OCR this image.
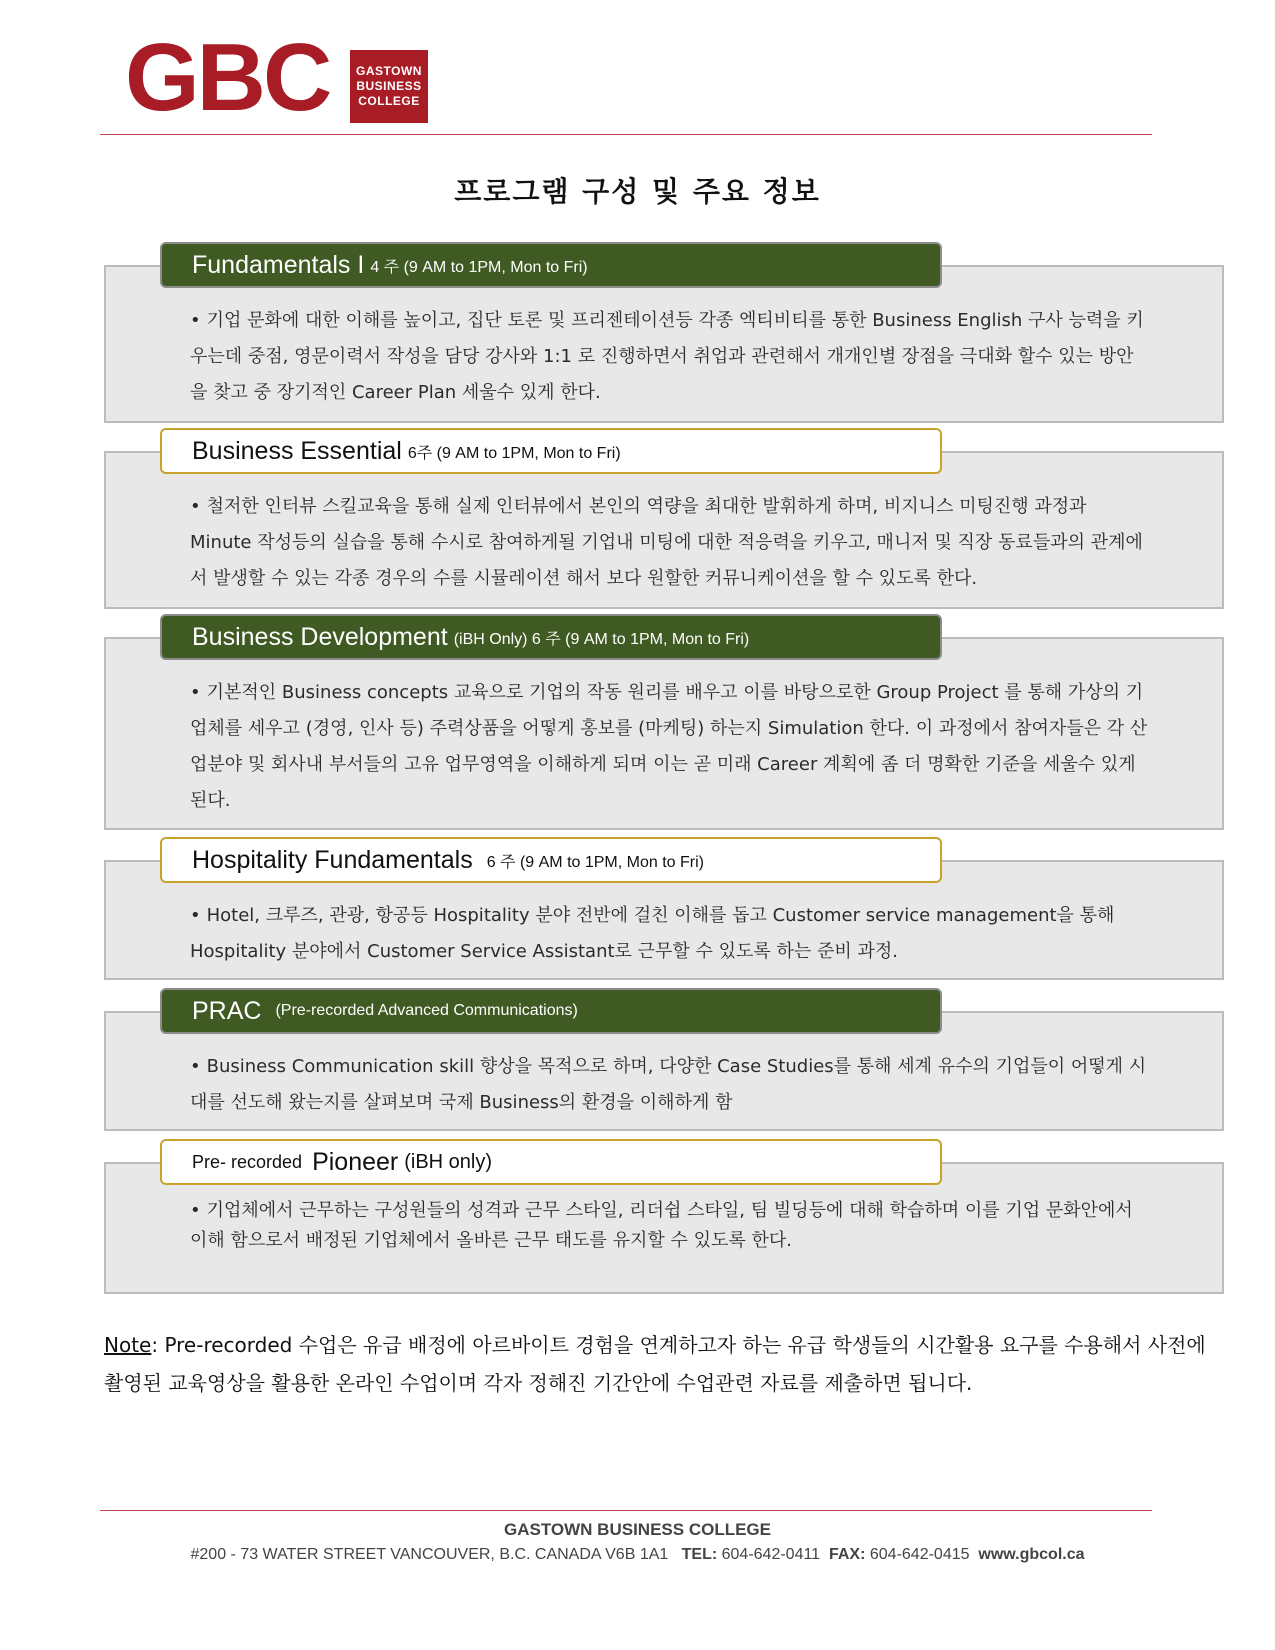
GBC GASTOWN
BUSINESS
COLLEGE
프로그램 구성 및 주요 정보
Fundamentals I 4 주 (9 AM to 1PM, Mon to Fri)
• 기업 문화에 대한 이해를 높이고, 집단 토론 및 프리젠테이션등 각종 엑티비티를 통한 Business English 구사 능력을 키우는데 중점, 영문이력서 작성을 담당 강사와 1:1 로 진행하면서 취업과 관련해서 개개인별 장점을 극대화 할수 있는 방안을 찾고 중 장기적인 Career Plan 세울수 있게 한다.
Business Essential 6주 (9 AM to 1PM, Mon to Fri)
• 철저한 인터뷰 스킬교육을 통해 실제 인터뷰에서 본인의 역량을 최대한 발휘하게 하며, 비지니스 미팅진행 과정과 Minute 작성등의 실습을 통해 수시로 참여하게될 기업내 미팅에 대한 적응력을 키우고, 매니저 및 직장 동료들과의 관계에서 발생할 수 있는 각종 경우의 수를 시뮬레이션 해서 보다 원할한 커뮤니케이션을 할 수 있도록 한다.
Business Development (iBH Only) 6 주 (9 AM to 1PM, Mon to Fri)
• 기본적인 Business concepts 교육으로 기업의 작동 원리를 배우고 이를 바탕으로한 Group Project 를 통해 가상의 기업체를 세우고 (경영, 인사 등) 주력상품을 어떻게 홍보를 (마케팅) 하는지 Simulation 한다. 이 과정에서 참여자들은 각 산업분야 및 회사내 부서들의 고유 업무영역을 이해하게 되며 이는 곧 미래 Career 계획에 좀 더 명확한 기준을 세울수 있게 된다.
Hospitality Fundamentals 6 주 (9 AM to 1PM, Mon to Fri)
• Hotel, 크루즈, 관광, 항공등 Hospitality 분야 전반에 걸친 이해를 돕고 Customer service management을 통해 Hospitality 분야에서 Customer Service Assistant로 근무할 수 있도록 하는 준비 과정.
PRAC (Pre-recorded Advanced Communications)
• Business Communication skill 향상을 목적으로 하며, 다양한 Case Studies를 통해 세계 유수의 기업들이 어떻게 시대를 선도해 왔는지를 살펴보며 국제 Business의 환경을 이해하게 함
Pre- recorded Pioneer (iBH only)
• 기업체에서 근무하는 구성원들의 성격과 근무 스타일, 리더쉽 스타일, 팀 빌딩등에 대해 학습하며 이를 기업 문화안에서 이해 함으로서 배정된 기업체에서 올바른 근무 태도를 유지할 수 있도록 한다.
Note: Pre-recorded 수업은 유급 배정에 아르바이트 경험을 연계하고자 하는 유급 학생들의 시간활용 요구를 수용해서 사전에 촬영된 교육영상을 활용한 온라인 수업이며 각자 정해진 기간안에 수업관련 자료를 제출하면 됩니다.
GASTOWN BUSINESS COLLEGE
#200 - 73 WATER STREET VANCOUVER, B.C. CANADA V6B 1A1 TEL: 604-642-0411 FAX: 604-642-0415 www.gbcol.ca
